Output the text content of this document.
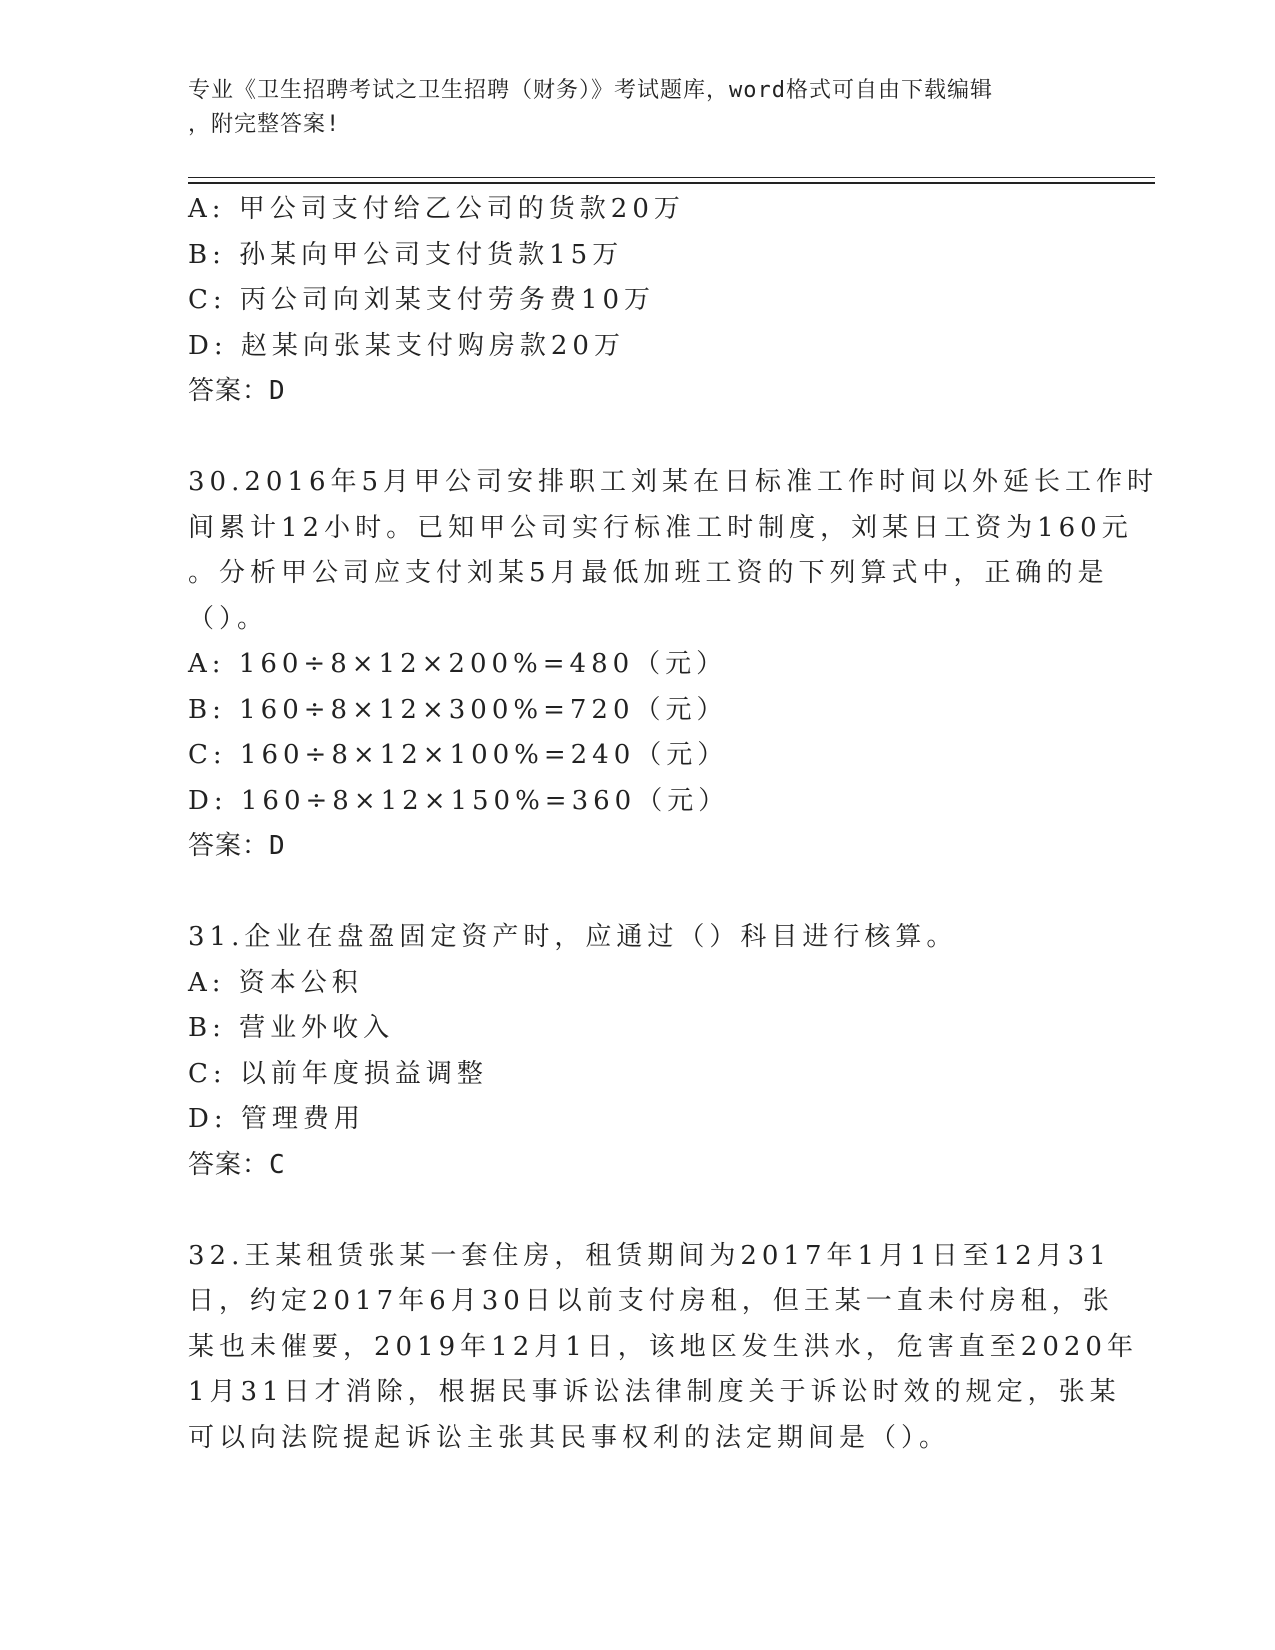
专业《卫生招聘考试之卫生招聘（财务）》考试题库，word格式可自由下载编辑
，附完整答案!
A: 甲公司支付给乙公司的货款20万
B: 孙某向甲公司支付货款15万
C: 丙公司向刘某支付劳务费10万
D: 赵某向张某支付购房款20万
答案：D
30.2016年5月甲公司安排职工刘某在日标准工作时间以外延长工作时
间累计12小时。已知甲公司实行标准工时制度，刘某日工资为160元
。分析甲公司应支付刘某5月最低加班工资的下列算式中，正确的是
（）。
A: 160÷8×12×200%=480（元）
B: 160÷8×12×300%=720（元）
C: 160÷8×12×100%=240（元）
D: 160÷8×12×150%=360（元）
答案：D
31.企业在盘盈固定资产时，应通过（）科目进行核算。
A: 资本公积
B: 营业外收入
C: 以前年度损益调整
D: 管理费用
答案：C
32.王某租赁张某一套住房，租赁期间为2017年1月1日至12月31
日，约定2017年6月30日以前支付房租，但王某一直未付房租，张
某也未催要，2019年12月1日，该地区发生洪水，危害直至2020年
1月31日才消除，根据民事诉讼法律制度关于诉讼时效的规定，张某
可以向法院提起诉讼主张其民事权利的法定期间是（）。
